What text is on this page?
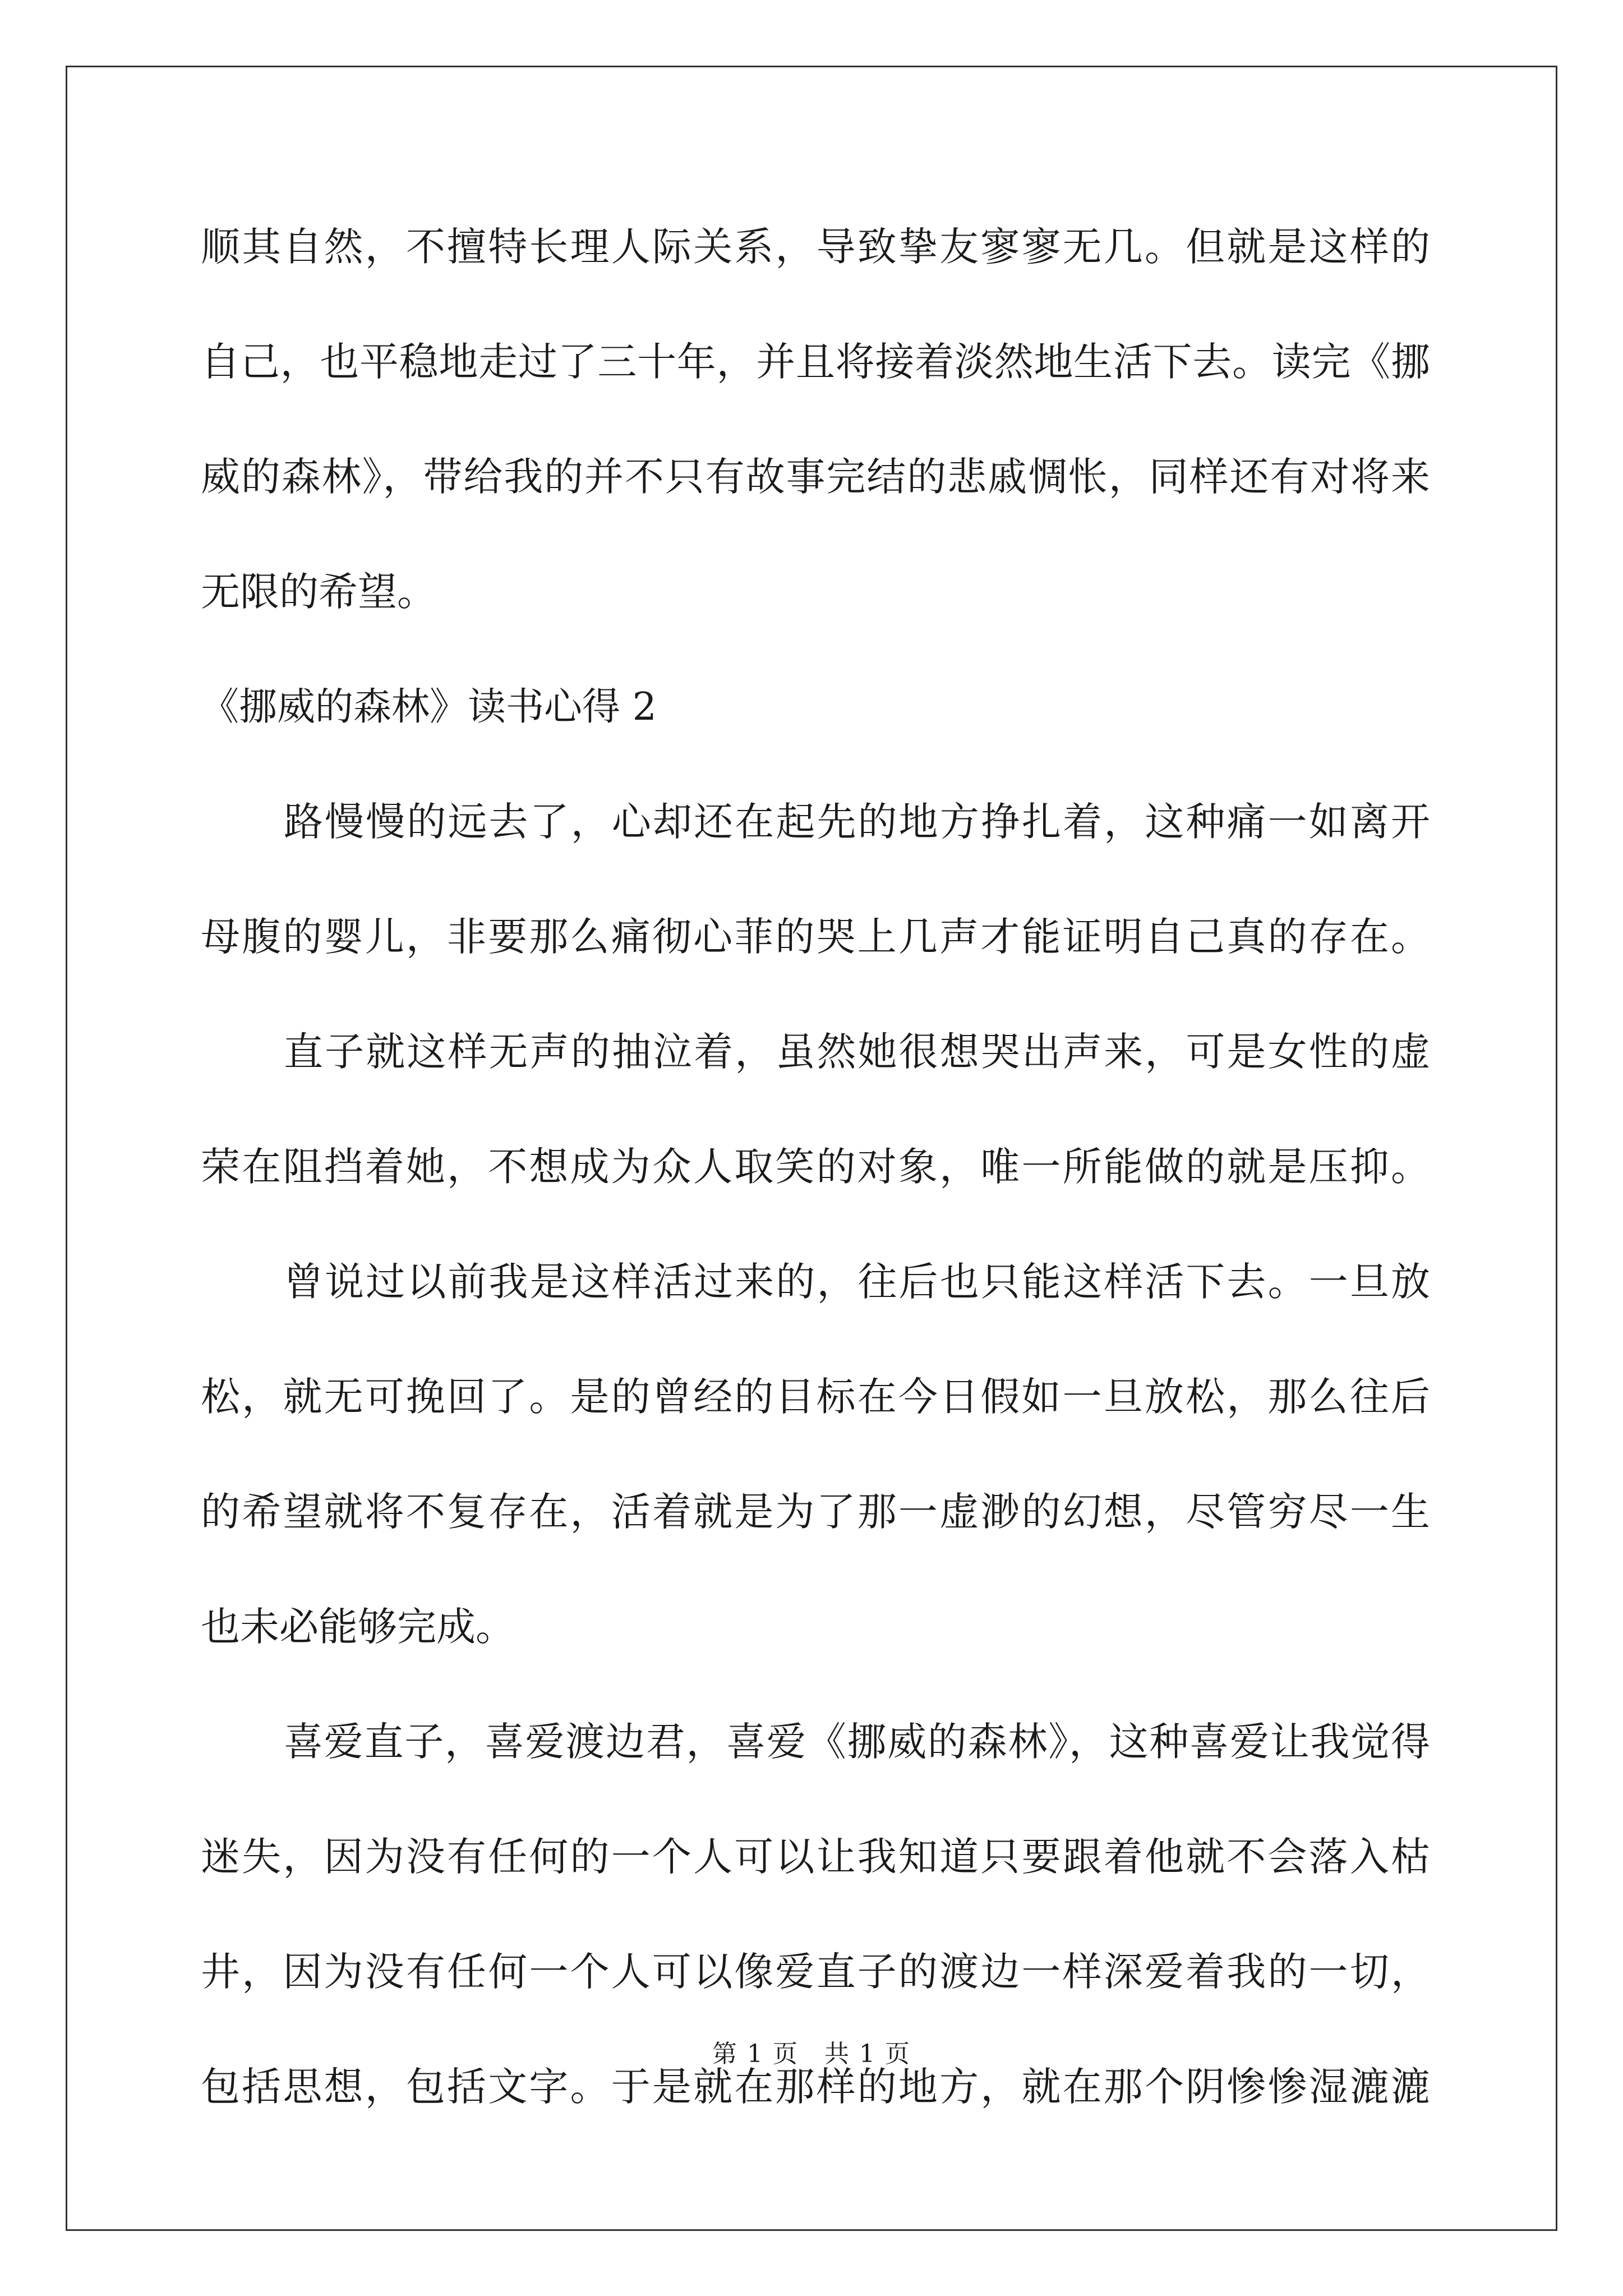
顺其自然，不擅特长理人际关系，导致挚友寥寥无几。但就是这样的
自己，也平稳地走过了三十年，并且将接着淡然地生活下去。读完《挪
威的森林》，带给我的并不只有故事完结的悲戚惆怅，同样还有对将来
无限的希望。
《挪威的森林》读书心得 2
路慢慢的远去了，心却还在起先的地方挣扎着，这种痛一如离开
母腹的婴儿，非要那么痛彻心菲的哭上几声才能证明自己真的存在。
直子就这样无声的抽泣着，虽然她很想哭出声来，可是女性的虚
荣在阻挡着她，不想成为众人取笑的对象，唯一所能做的就是压抑。
曾说过以前我是这样活过来的，往后也只能这样活下去。一旦放
松，就无可挽回了。是的曾经的目标在今日假如一旦放松，那么往后
的希望就将不复存在，活着就是为了那一虚渺的幻想，尽管穷尽一生
也未必能够完成。
喜爱直子，喜爱渡边君，喜爱《挪威的森林》，这种喜爱让我觉得
迷失，因为没有任何的一个人可以让我知道只要跟着他就不会落入枯
井，因为没有任何一个人可以像爱直子的渡边一样深爱着我的一切，
包括思想，包括文字。于是就在那样的地方，就在那个阴惨惨湿漉漉
第 1 页　共 1 页
